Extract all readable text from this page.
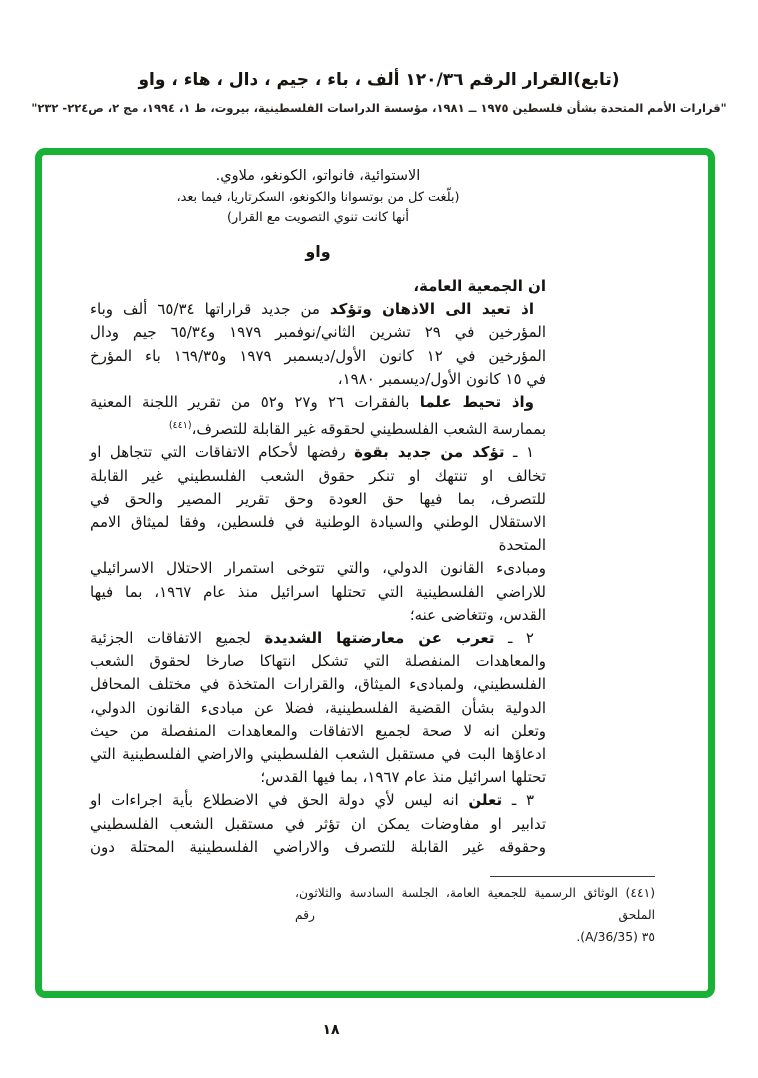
(تابع)القرار الرقم ١٢٠/٣٦ ألف ، باء ، جيم ، دال ، هاء ، واو
"قرارات الأمم المتحدة بشأن فلسطين ١٩٧٥ ــ ١٩٨١، مؤسسة الدراسات الفلسطينية، بيروت، ط ١، ١٩٩٤، مج ٢، ص٢٢٤- ٢٣٢"
الاستوائية، فانواتو، الكونغو، ملاوي.
(بلّغت كل من بوتسوانا والكونغو، السكرتاريا، فيما بعد،
أنها كانت تنوي التصويت مع القرار)
واو
ان الجمعية العامة،
اذ تعيد الى الاذهان وتؤكد من جديد قراراتها ٦٥/٣٤ ألف وباء
المؤرخين في ٢٩ تشرين الثاني/نوفمبر ١٩٧٩ و٦٥/٣٤ جيم ودال
المؤرخين في ١٢ كانون الأول/ديسمبر ١٩٧٩ و١٦٩/٣٥ باء المؤرخ
في ١٥ كانون الأول/ديسمبر ١٩٨٠،
واذ تحيط علما بالفقرات ٢٦ و٢٧ و٥٢ من تقرير اللجنة المعنية
بممارسة الشعب الفلسطيني لحقوقه غير القابلة للتصرف،$^{(٤٤١)}$
١ ـ تؤكد من جديد بقوة رفضها لأحكام الاتفاقات التي تتجاهل او
تخالف او تنتهك او تنكر حقوق الشعب الفلسطيني غير القابلة
للتصرف، بما فيها حق العودة وحق تقرير المصير والحق في
الاستقلال الوطني والسيادة الوطنية في فلسطين، وفقا لميثاق الامم المتحدة
ومبادىء القانون الدولي، والتي تتوخى استمرار الاحتلال الاسرائيلي
للاراضي الفلسطينية التي تحتلها اسرائيل منذ عام ١٩٦٧، بما فيها
القدس، وتتغاضى عنه؛
٢ ـ تعرب عن معارضتها الشديدة لجميع الاتفاقات الجزئية
والمعاهدات المنفصلة التي تشكل انتهاكا صارخا لحقوق الشعب
الفلسطيني، ولمبادىء الميثاق، والقرارات المتخذة في مختلف المحافل
الدولية بشأن القضية الفلسطينية، فضلا عن مبادىء القانون الدولي،
وتعلن انه لا صحة لجميع الاتفاقات والمعاهدات المنفصلة من حيث
ادعاؤها البت في مستقبل الشعب الفلسطيني والاراضي الفلسطينية التي
تحتلها اسرائيل منذ عام ١٩٦٧، بما فيها القدس؛
٣ ـ تعلن انه ليس لأي دولة الحق في الاضطلاع بأية اجراءات او
تدابير او مفاوضات يمكن ان تؤثر في مستقبل الشعب الفلسطيني
وحقوقه غير القابلة للتصرف والاراضي الفلسطينية المحتلة دون
(٤٤١) الوثائق الرسمية للجمعية العامة، الجلسة السادسة والثلاثون، الملحق رقم
٣٥ (A/36/35).
١٨
